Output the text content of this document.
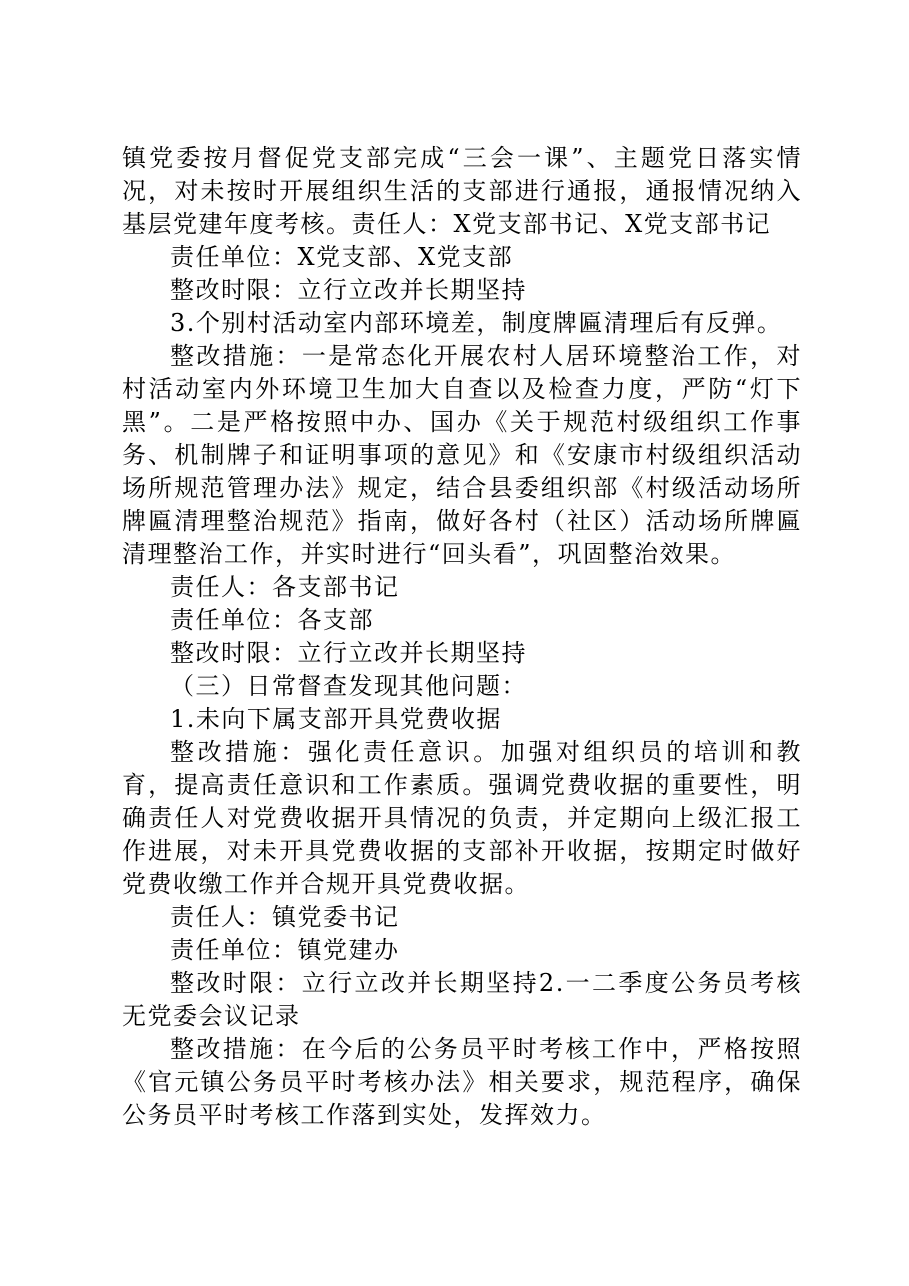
镇党委按月督促党支部完成“三会一课”、主题党日落实情况，对未按时开展组织生活的支部进行通报，通报情况纳入基层党建年度考核。责任人：X党支部书记、X党支部书记

责任单位：X党支部、X党支部

整改时限：立行立改并长期坚持

3.个别村活动室内部环境差，制度牌匾清理后有反弹。

整改措施：一是常态化开展农村人居环境整治工作，对村活动室内外环境卫生加大自查以及检查力度，严防“灯下黑”。二是严格按照中办、国办《关于规范村级组织工作事务、机制牌子和证明事项的意见》和《安康市村级组织活动场所规范管理办法》规定，结合县委组织部《村级活动场所牌匾清理整治规范》指南，做好各村（社区）活动场所牌匾清理整治工作，并实时进行“回头看”，巩固整治效果。

责任人：各支部书记

责任单位：各支部

整改时限：立行立改并长期坚持

（三）日常督查发现其他问题：

1.未向下属支部开具党费收据

整改措施：强化责任意识。加强对组织员的培训和教育，提高责任意识和工作素质。强调党费收据的重要性，明确责任人对党费收据开具情况的负责，并定期向上级汇报工作进展，对未开具党费收据的支部补开收据，按期定时做好党费收缴工作并合规开具党费收据。

责任人：镇党委书记

责任单位：镇党建办

整改时限：立行立改并长期坚持2.一二季度公务员考核无党委会议记录

整改措施：在今后的公务员平时考核工作中，严格按照《官元镇公务员平时考核办法》相关要求，规范程序，确保公务员平时考核工作落到实处，发挥效力。
